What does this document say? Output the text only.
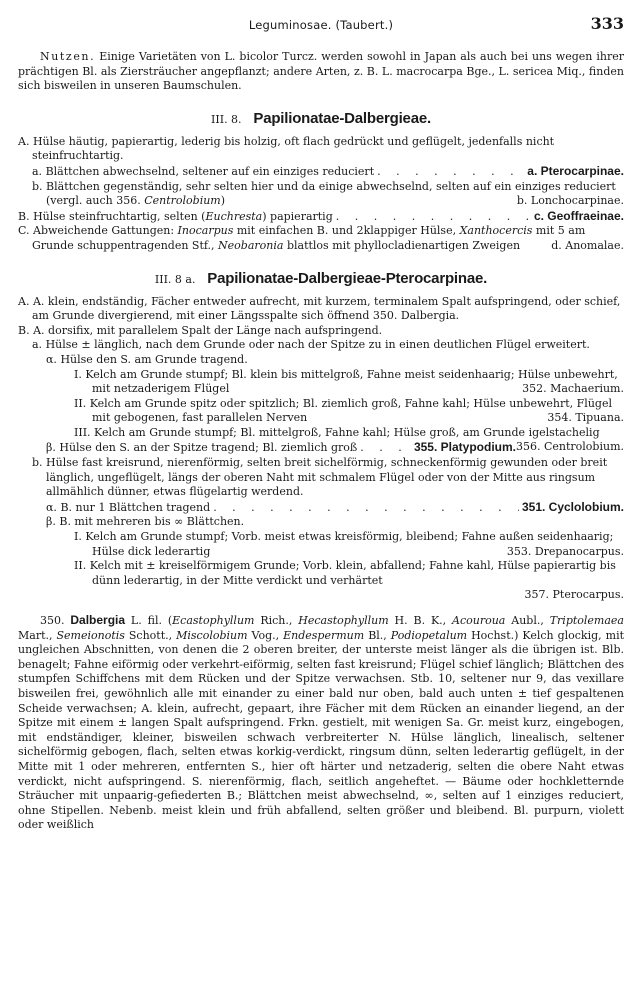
Leguminosae. (Taubert.)	333

Nutzen. Einige Varietäten von L. bicolor Turcz. werden sowohl in Japan als auch bei uns wegen ihrer prächtigen Bl. als Ziersträucher angepflanzt; andere Arten, z. B. L. macrocarpa Bge., L. sericea Miq., finden sich bisweilen in unseren Baumschulen.

III. 8. Papilionatae-Dalbergieae.
A. Hülse häutig, papierartig, lederig bis holzig, oft flach gedrückt und geflügelt, jedenfalls nicht steinfruchtartig.
a. Blättchen abwechselnd, seltener auf ein einziges reduciert . . .	a. Pterocarpinae.
b. Blättchen gegenständig, sehr selten hier und da einige abwechselnd, selten auf ein einziges reduciert (vergl. auch 356. Centrolobium)	b. Lonchocarpinae.
B. Hülse steinfruchtartig, selten (Euchresta) papierartig . . .	c. Geoffraeinae.
C. Abweichende Gattungen: Inocarpus mit einfachen B. und 2klappiger Hülse, Xanthocercis mit 5 am Grunde schuppentragenden Stf., Neobaronia blattlos mit phyllocladienartigen Zweigen	d. Anomalae.
III. 8 a. Papilionatae-Dalbergieae-Pterocarpinae.
A. A. klein, endständig, Fächer entweder aufrecht, mit kurzem, terminalem Spalt aufspringend, oder schief, am Grunde divergierend, mit einer Längsspalte sich öffnend 350. Dalbergia.
B. A. dorsifix, mit parallelem Spalt der Länge nach aufspringend.
a. Hülse ± länglich, nach dem Grunde oder nach der Spitze zu in einen deutlichen Flügel erweitert.
α. Hülse den S. am Grunde tragend.
I. Kelch am Grunde stumpf; Bl. klein bis mittelgroß, Fahne meist seidenhaarig; Hülse unbewehrt, mit netzaderigem Flügel	352. Machaerium.
II. Kelch am Grunde spitz oder spitzlich; Bl. ziemlich groß, Fahne kahl; Hülse unbewehrt, Flügel mit gebogenen, fast parallelen Nerven	354. Tipuana.
III. Kelch am Grunde stumpf; Bl. mittelgroß, Fahne kahl; Hülse groß, am Grunde igelstachelig
356. Centrolobium.
β. Hülse den S. an der Spitze tragend; Bl. ziemlich groß . . .	355. Platypodium.
b. Hülse fast kreisrund, nierenförmig, selten breit sichelförmig, schneckenförmig gewunden oder breit länglich, ungeflügelt, längs der oberen Naht mit schmalem Flügel oder von der Mitte aus ringsum allmählich dünner, etwas flügelartig werdend.
α. B. nur 1 Blättchen tragend . . .	351. Cyclolobium.
β. B. mit mehreren bis ∞ Blättchen.
I. Kelch am Grunde stumpf; Vorb. meist etwas kreisförmig, bleibend; Fahne außen seidenhaarig; Hülse dick lederartig	353. Drepanocarpus.
II. Kelch mit ± kreiselförmigem Grunde; Vorb. klein, abfallend; Fahne kahl, Hülse papierartig bis dünn lederartig, in der Mitte verdickt und verhärtet
357. Pterocarpus.

350. Dalbergia L. fil. (Ecastophyllum Rich., Hecastophyllum H. B. K., Acouroua Aubl., Triptolemaea Mart., Semeionotis Schott., Miscolobium Vog., Endespermum Bl., Podiopetalum Hochst.) Kelch glockig, mit ungleichen Abschnitten, von denen die 2 oberen breiter, der unterste meist länger als die übrigen ist. Blb. benagelt; Fahne eiförmig oder verkehrt-eiförmig, selten fast kreisrund; Flügel schief länglich; Blättchen des stumpfen Schiffchens mit dem Rücken und der Spitze verwachsen. Stb. 10, seltener nur 9, das vexillare bisweilen frei, gewöhnlich alle mit einander zu einer bald nur oben, bald auch unten ± tief gespaltenen Scheide verwachsen; A. klein, aufrecht, gepaart, ihre Fächer mit dem Rücken an einander liegend, an der Spitze mit einem ± langen Spalt aufspringend. Frkn. gestielt, mit wenigen Sa. Gr. meist kurz, eingebogen, mit endständiger, kleiner, bisweilen schwach verbreiterter N. Hülse länglich, linealisch, seltener sichelförmig gebogen, flach, selten etwas korkig-verdickt, ringsum dünn, selten lederartig geflügelt, in der Mitte mit 1 oder mehreren, entfernten S., hier oft härter und netzaderig, selten die obere Naht etwas verdickt, nicht aufspringend. S. nierenförmig, flach, seitlich angeheftet. — Bäume oder hochkletternde Sträucher mit unpaarig-gefiederten B.; Blättchen meist abwechselnd, ∞, selten auf 1 einziges reduciert, ohne Stipellen. Nebenb. meist klein und früh abfallend, selten größer und bleibend. Bl. purpurn, violett oder weißlich
